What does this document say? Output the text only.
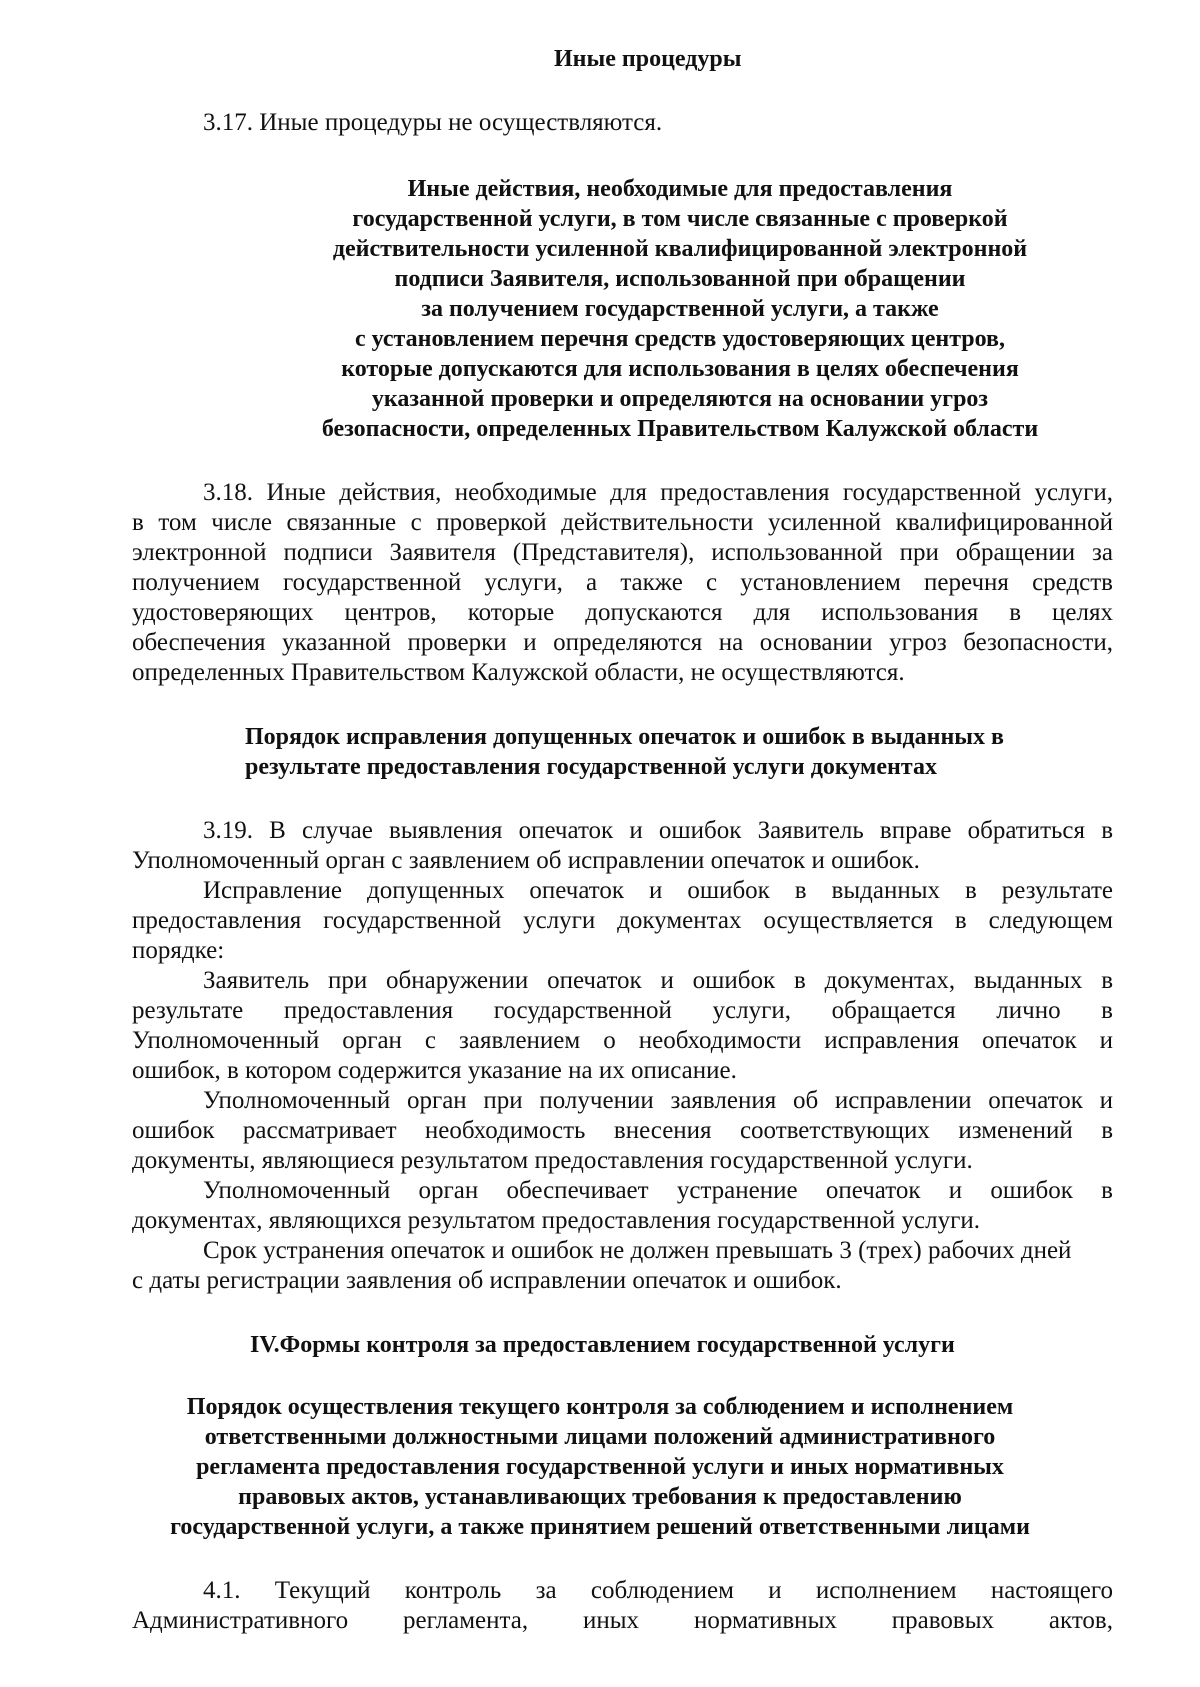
Иные процедуры
3.17. Иные процедуры не осуществляются.
Иные действия, необходимые для предоставления
государственной услуги, в том числе связанные с проверкой
действительности усиленной квалифицированной электронной
подписи Заявителя, использованной при обращении
за получением государственной услуги, а также
с установлением перечня средств удостоверяющих центров,
которые допускаются для использования в целях обеспечения
указанной проверки и определяются на основании угроз
безопасности, определенных Правительством Калужской области
3.18. Иные действия, необходимые для предоставления государственной услуги,
в том числе связанные с проверкой действительности усиленной квалифицированной
электронной подписи Заявителя (Представителя), использованной при обращении за
получением государственной услуги, а также с установлением перечня средств
удостоверяющих центров, которые допускаются для использования в целях
обеспечения указанной проверки и определяются на основании угроз безопасности,
определенных Правительством Калужской области, не осуществляются.
Порядок исправления допущенных опечаток и ошибок в выданных в
результате предоставления государственной услуги документах
3.19. В случае выявления опечаток и ошибок Заявитель вправе обратиться в
Уполномоченный орган с заявлением об исправлении опечаток и ошибок.
Исправление допущенных опечаток и ошибок в выданных в результате
предоставления государственной услуги документах осуществляется в следующем
порядке:
Заявитель при обнаружении опечаток и ошибок в документах, выданных в
результате предоставления государственной услуги, обращается лично в
Уполномоченный орган с заявлением о необходимости исправления опечаток и
ошибок, в котором содержится указание на их описание.
Уполномоченный орган при получении заявления об исправлении опечаток и
ошибок рассматривает необходимость внесения соответствующих изменений в
документы, являющиеся результатом предоставления государственной услуги.
Уполномоченный орган обеспечивает устранение опечаток и ошибок в
документах, являющихся результатом предоставления государственной услуги.
Срок устранения опечаток и ошибок не должен превышать 3 (трех) рабочих дней
с даты регистрации заявления об исправлении опечаток и ошибок.
IV.Формы контроля за предоставлением государственной услуги
Порядок осуществления текущего контроля за соблюдением и исполнением
ответственными должностными лицами положений административного
регламента предоставления государственной услуги и иных нормативных
правовых актов, устанавливающих требования к предоставлению
государственной услуги, а также принятием решений ответственными лицами
4.1. Текущий контроль за соблюдением и исполнением настоящего
Административного регламента, иных нормативных правовых актов,
